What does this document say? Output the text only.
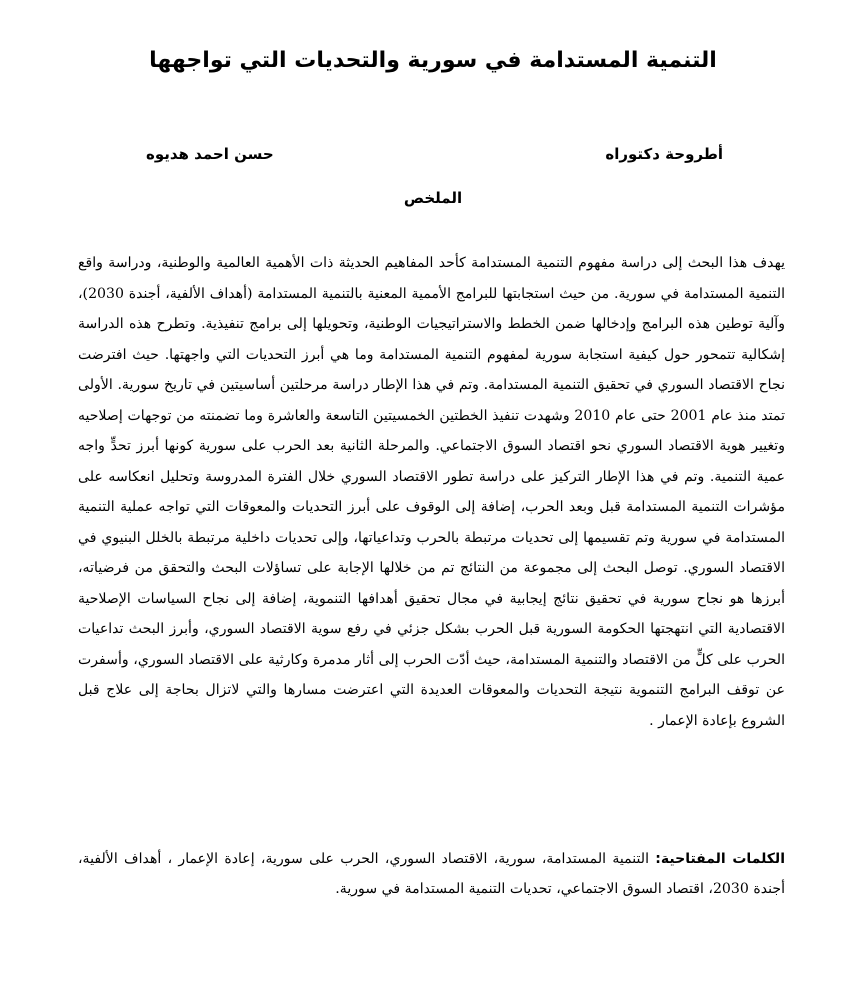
التنمية المستدامة في سورية والتحديات التي تواجهها
أطروحة دكتوراه
حسن احمد هديوه
الملخص

يهدف هذا البحث إلى دراسة مفهوم التنمية المستدامة كأحد المفاهيم الحديثة ذات الأهمية العالمية والوطنية، ودراسة واقع التنمية المستدامة في سورية. من حيث استجابتها للبرامج الأممية المعنية بالتنمية المستدامة (أهداف الألفية، أجندة 2030)، وآلية توطين هذه البرامج وإدخالها ضمن الخطط والاستراتيجيات الوطنية، وتحويلها إلى برامج تنفيذية. وتطرح هذه الدراسة إشكالية تتمحور حول كيفية استجابة سورية لمفهوم التنمية المستدامة وما هي أبرز التحديات التي واجهتها. حيث افترضت نجاح الاقتصاد السوري في تحقيق التنمية المستدامة. وتم في هذا الإطار دراسة مرحلتين أساسيتين في تاريخ سورية. الأولى تمتد منذ عام 2001 حتى عام 2010 وشهدت تنفيذ الخطتين الخمسيتين التاسعة والعاشرة وما تضمنته من توجهات إصلاحيه وتغيير هوية الاقتصاد السوري نحو اقتصاد السوق الاجتماعي. والمرحلة الثانية بعد الحرب على سورية كونها أبرز تحدٍّ واجه عمية التنمية. وتم في هذا الإطار التركيز على دراسة تطور الاقتصاد السوري خلال الفترة المدروسة وتحليل انعكاسه على مؤشرات التنمية المستدامة قبل وبعد الحرب، إضافة إلى الوقوف على أبرز التحديات والمعوقات التي تواجه عملية التنمية المستدامة في سورية وتم تقسيمها إلى تحديات مرتبطة بالحرب وتداعياتها، وإلى تحديات داخلية مرتبطة بالخلل البنيوي في الاقتصاد السوري. توصل البحث إلى مجموعة من النتائج تم من خلالها الإجابة على تساؤلات البحث والتحقق من فرضياته، أبرزها هو نجاح سورية في تحقيق نتائج إيجابية في مجال تحقيق أهدافها التنموية، إضافة إلى نجاح السياسات الإصلاحية الاقتصادية التي انتهجتها الحكومة السورية قبل الحرب بشكل جزئي في رفع سوية الاقتصاد السوري، وأبرز البحث تداعيات الحرب على كلٍّ من الاقتصاد والتنمية المستدامة، حيث أدّت الحرب إلى أثار مدمرة وكارثية على الاقتصاد السوري، وأسفرت عن توقف البرامج التنموية نتيجة التحديات والمعوقات العديدة التي اعترضت مسارها والتي لاتزال بحاجة إلى علاج قبل الشروع بإعادة الإعمار .

الكلمات المفتاحية: التنمية المستدامة، سورية، الاقتصاد السوري، الحرب على سورية، إعادة الإعمار ، أهداف الألفية، أجندة 2030، اقتصاد السوق الاجتماعي، تحديات التنمية المستدامة في سورية.
